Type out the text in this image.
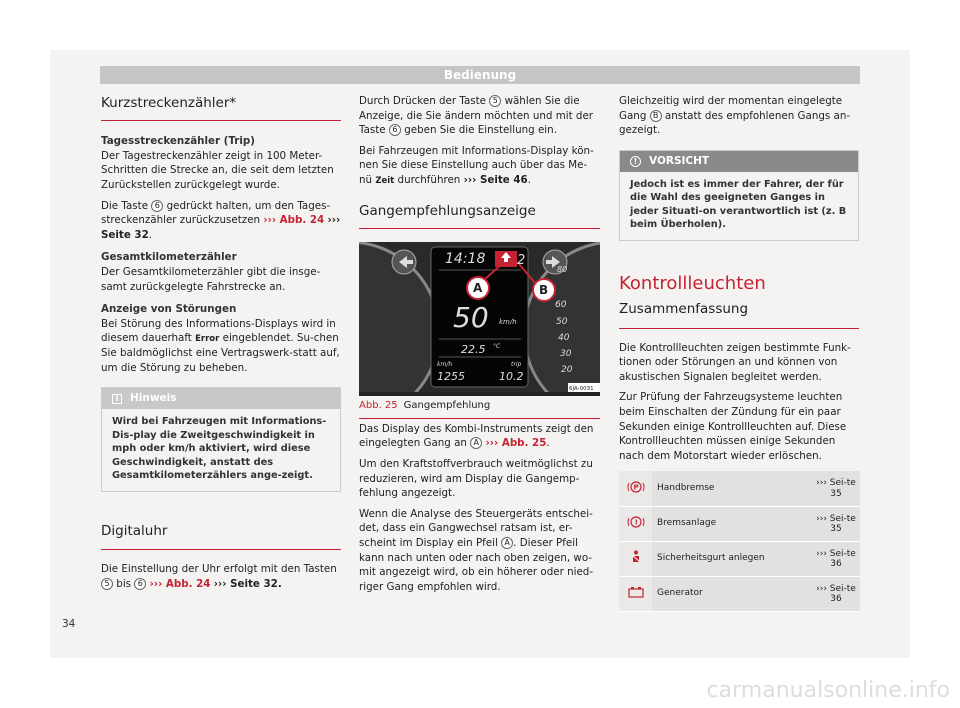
Bedienung
Kurzstreckenzähler*
Tagesstreckenzähler (Trip)

Der Tagestreckenzähler zeigt in 100 Meter-Schritten die Strecke an, die seit dem letzten Zurückstellen zurückgelegt wurde.

Die Taste 6 gedrückt halten, um den Tages-streckenzähler zurückzusetzen ››› Abb. 24 ››› Seite 32.

Gesamtkilometerzähler

Der Gesamtkilometerzähler gibt die insge-samt zurückgelegte Fahrstrecke an.

Anzeige von Störungen

Bei Störung des Informations-Displays wird in diesem dauerhaft Error eingeblendet. Su-chen Sie baldmöglichst eine Vertragswerk-statt auf, um die Störung zu beheben.

i Hinweis
Wird bei Fahrzeugen mit Informations-Dis-play die Zweitgeschwindigkeit in mph oder km/h aktiviert, wird diese Geschwindigkeit, anstatt des Gesamtkilometerzählers ange-zeigt.
Digitaluhr

Die Einstellung der Uhr erfolgt mit den Tasten 5 bis 6 ››› Abb. 24 ››› Seite 32.

Durch Drücken der Taste 5 wählen Sie die Anzeige, die Sie ändern möchten und mit der Taste 6 geben Sie die Einstellung ein.

Bei Fahrzeugen mit Informations-Display kön-nen Sie diese Einstellung auch über das Me-nü Zeit durchführen ››› Seite 46.

Gangempfehlungsanzeige
14:18 2
50 km/h
22.5 °C
km/h
1255
trip
10.2
80
60
50
40
30
20
A	B
6JA-0031
Abb. 25 Gangempfehlung

Das Display des Kombi-Instruments zeigt den eingelegten Gang an A ››› Abb. 25.

Um den Kraftstoffverbrauch weitmöglichst zu reduzieren, wird am Display die Gangemp-fehlung angezeigt.

Wenn die Analyse des Steuergeräts entschei-det, dass ein Gangwechsel ratsam ist, er-scheint im Display ein Pfeil A . Dieser Pfeil kann nach unten oder nach oben zeigen, wo-mit angezeigt wird, ob ein höherer oder nied-riger Gang empfohlen wird.

Gleichzeitig wird der momentan eingelegte Gang B anstatt des empfohlenen Gangs an-gezeigt.

! VORSICHT
Jedoch ist es immer der Fahrer, der für die Wahl des geeigneten Ganges in jeder Situati-on verantwortlich ist (z. B beim Überholen).
Kontrollleuchten
Zusammenfassung

Die Kontrollleuchten zeigen bestimmte Funk-tionen oder Störungen an und können von akustischen Signalen begleitet werden.

Zur Prüfung der Fahrzeugsysteme leuchten beim Einschalten der Zündung für ein paar Sekunden einige Kontrollleuchten auf. Diese Kontrollleuchten müssen einige Sekunden nach dem Motorstart wieder erlöschen.

P	Handbremse	››› Sei-te 35

!	Bremsanlage	››› Sei-te 35
	Sicherheitsgurt anlegen	››› Sei-te 36
	Generator	››› Sei-te 36
34
carmanualsonline.info
